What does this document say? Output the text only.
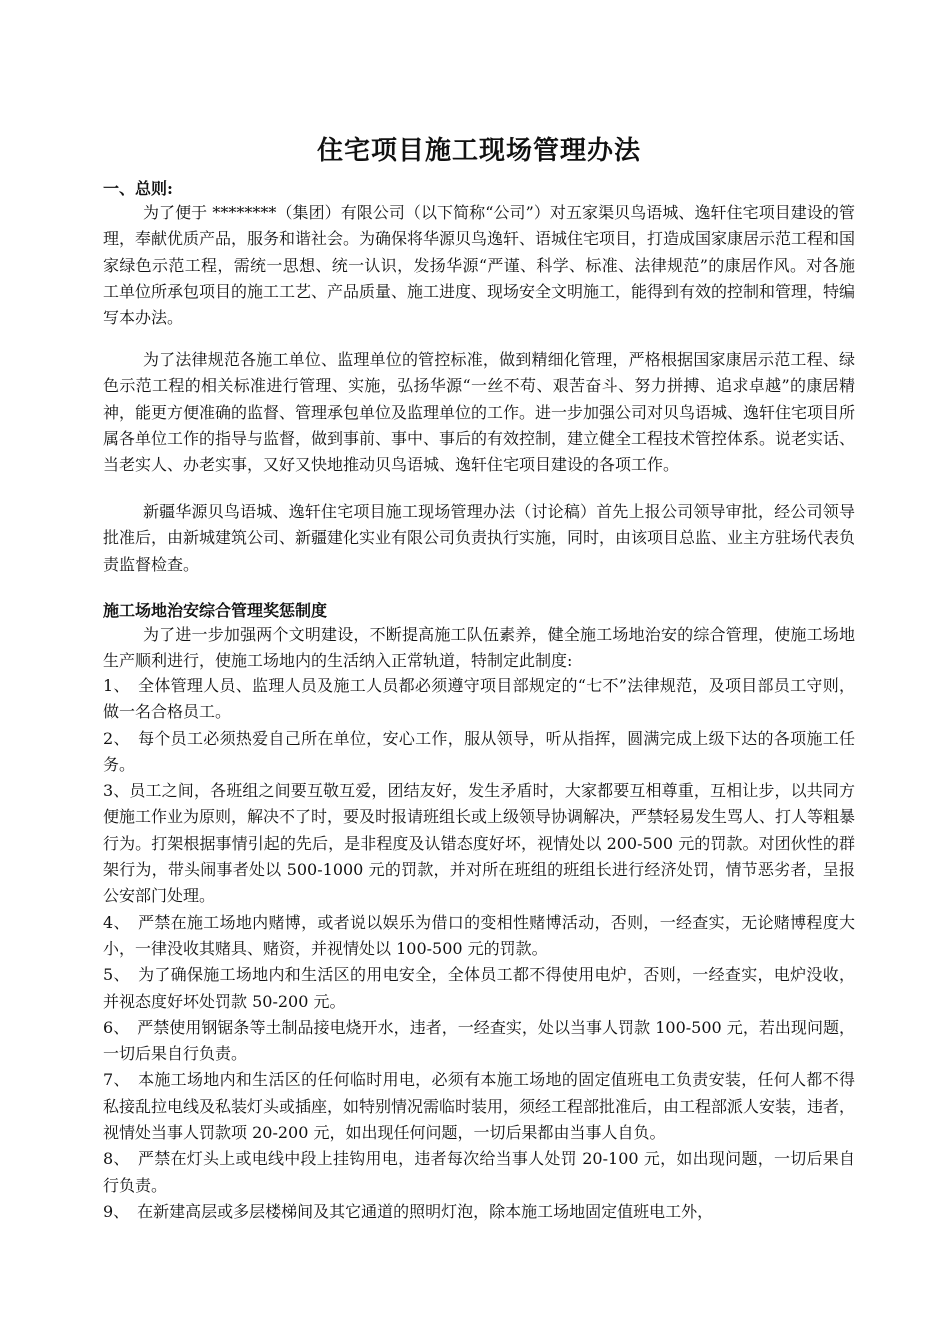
住宅项目施工现场管理办法
一、总则:

为了便于 ********（集团）有限公司（以下简称“公司”）对五家渠贝鸟语城、逸轩住宅项目建设的管理，奉献优质产品，服务和谐社会。为确保将华源贝鸟逸轩、语城住宅项目，打造成国家康居示范工程和国家绿色示范工程，需统一思想、统一认识，发扬华源“严谨、科学、标准、法律规范”的康居作风。对各施工单位所承包项目的施工工艺、产品质量、施工进度、现场安全文明施工，能得到有效的控制和管理，特编写本办法。

为了法律规范各施工单位、监理单位的管控标准，做到精细化管理，严格根据国家康居示范工程、绿色示范工程的相关标准进行管理、实施，弘扬华源“一丝不苟、艰苦奋斗、努力拼搏、追求卓越”的康居精神，能更方便准确的监督、管理承包单位及监理单位的工作。进一步加强公司对贝鸟语城、逸轩住宅项目所属各单位工作的指导与监督，做到事前、事中、事后的有效控制，建立健全工程技术管控体系。说老实话、当老实人、办老实事，又好又快地推动贝鸟语城、逸轩住宅项目建设的各项工作。

新疆华源贝鸟语城、逸轩住宅项目施工现场管理办法（讨论稿）首先上报公司领导审批，经公司领导批准后，由新城建筑公司、新疆建化实业有限公司负责执行实施，同时，由该项目总监、业主方驻场代表负责监督检查。

施工场地治安综合管理奖惩制度

为了进一步加强两个文明建设，不断提高施工队伍素养，健全施工场地治安的综合管理，使施工场地生产顺利进行，使施工场地内的生活纳入正常轨道，特制定此制度:

1、　全体管理人员、监理人员及施工人员都必须遵守项目部规定的“七不”法律规范，及项目部员工守则，做一名合格员工。
2、　每个员工必须热爱自己所在单位，安心工作，服从领导，听从指挥，圆满完成上级下达的各项施工任务。
3、员工之间，各班组之间要互敬互爱，团结友好，发生矛盾时，大家都要互相尊重，互相让步，以共同方便施工作业为原则，解决不了时，要及时报请班组长或上级领导协调解决，严禁轻易发生骂人、打人等粗暴行为。打架根据事情引起的先后，是非程度及认错态度好坏，视情处以 200-500 元的罚款。对团伙性的群架行为，带头闹事者处以 500-1000 元的罚款，并对所在班组的班组长进行经济处罚，情节恶劣者，呈报公安部门处理。
4、　严禁在施工场地内赌博，或者说以娱乐为借口的变相性赌博活动，否则，一经查实，无论赌博程度大小，一律没收其赌具、赌资，并视情处以 100-500 元的罚款。
5、　为了确保施工场地内和生活区的用电安全，全体员工都不得使用电炉，否则，一经查实，电炉没收，并视态度好坏处罚款 50-200 元。
6、　严禁使用钢锯条等土制品接电烧开水，违者，一经查实，处以当事人罚款 100-500 元，若出现问题，一切后果自行负责。
7、　本施工场地内和生活区的任何临时用电，必须有本施工场地的固定值班电工负责安装，任何人都不得私接乱拉电线及私装灯头或插座，如特别情况需临时装用，须经工程部批准后，由工程部派人安装，违者，视情处当事人罚款项 20-200 元，如出现任何问题，一切后果都由当事人自负。
8、　严禁在灯头上或电线中段上挂钩用电，违者每次给当事人处罚 20-100 元，如出现问题，一切后果自行负责。
9、　在新建高层或多层楼梯间及其它通道的照明灯泡，除本施工场地固定值班电工外，
